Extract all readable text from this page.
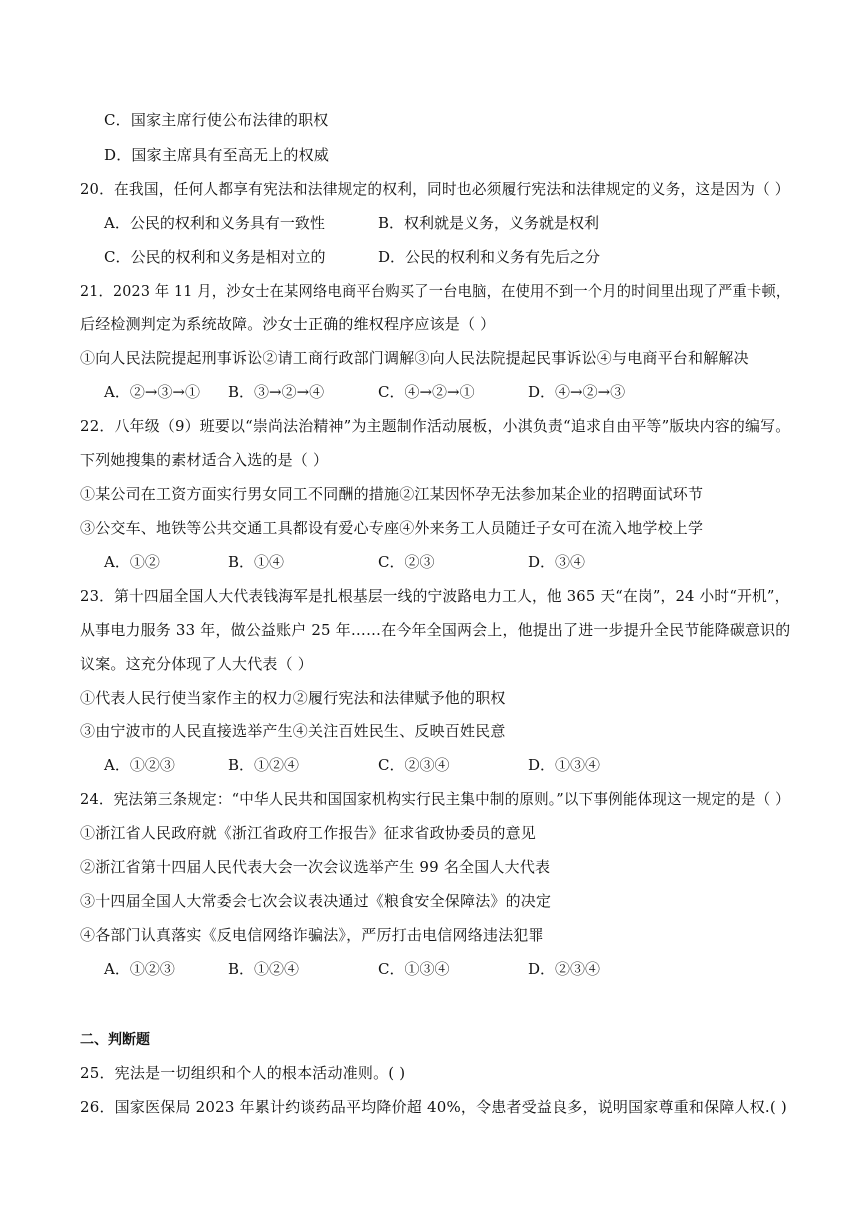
C．国家主席行使公布法律的职权
D．国家主席具有至高无上的权威
20．在我国，任何人都享有宪法和法律规定的权利，同时也必须履行宪法和法律规定的义务，这是因为（ ）
A．公民的权利和义务具有一致性	B．权利就是义务，义务就是权利
C．公民的权利和义务是相对立的	D．公民的权利和义务有先后之分
21．2023 年 11 月，沙女士在某网络电商平台购买了一台电脑，在使用不到一个月的时间里出现了严重卡顿，
后经检测判定为系统故障。沙女士正确的维权程序应该是（ ）
①向人民法院提起刑事诉讼②请工商行政部门调解③向人民法院提起民事诉讼④与电商平台和解解决
A．②→③→① B．③→②→④	C．④→②→①	D．④→②→③
22．八年级（9）班要以“崇尚法治精神”为主题制作活动展板，小淇负责“追求自由平等”版块内容的编写。
下列她搜集的素材适合入选的是（ ）
①某公司在工资方面实行男女同工不同酬的措施②江某因怀孕无法参加某企业的招聘面试环节
③公交车、地铁等公共交通工具都设有爱心专座④外来务工人员随迁子女可在流入地学校上学
A．①②	B．①④	C．②③	D．③④
23．第十四届全国人大代表钱海军是扎根基层一线的宁波路电力工人，他 365 天“在岗”，24 小时“开机”，
从事电力服务 33 年，做公益账户 25 年……在今年全国两会上，他提出了进一步提升全民节能降碳意识的
议案。这充分体现了人大代表（ ）
①代表人民行使当家作主的权力②履行宪法和法律赋予他的职权
③由宁波市的人民直接选举产生④关注百姓民生、反映百姓民意
A．①②③	B．①②④	C．②③④	D．①③④
24．宪法第三条规定：“中华人民共和国国家机构实行民主集中制的原则。”以下事例能体现这一规定的是（ ）
①浙江省人民政府就《浙江省政府工作报告》征求省政协委员的意见
②浙江省第十四届人民代表大会一次会议选举产生 99 名全国人大代表
③十四届全国人大常委会七次会议表决通过《粮食安全保障法》的决定
④各部门认真落实《反电信网络诈骗法》，严厉打击电信网络违法犯罪
A．①②③	B．①②④	C．①③④	D．②③④
二、判断题
25．宪法是一切组织和个人的根本活动准则。( )
26．国家医保局 2023 年累计约谈药品平均降价超 40%，令患者受益良多，说明国家尊重和保障人权.( )
